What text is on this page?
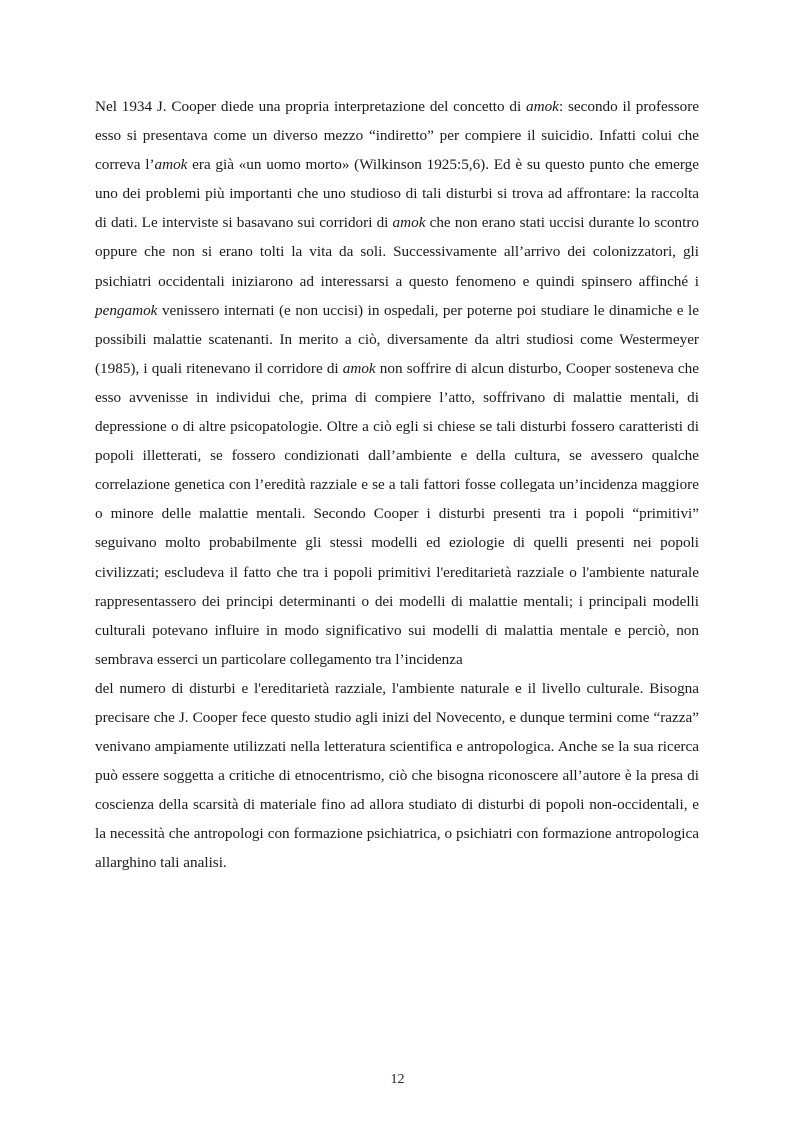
Nel 1934 J. Cooper diede una propria interpretazione del concetto di amok: secondo il professore esso si presentava come un diverso mezzo “indiretto” per compiere il suicidio. Infatti colui che correva l’amok era già «un uomo morto» (Wilkinson 1925:5,6). Ed è su questo punto che emerge uno dei problemi più importanti che uno studioso di tali disturbi si trova ad affrontare: la raccolta di dati. Le interviste si basavano sui corridori di amok che non erano stati uccisi durante lo scontro oppure che non si erano tolti la vita da soli. Successivamente all’arrivo dei colonizzatori, gli psichiatri occidentali iniziarono ad interessarsi a questo fenomeno e quindi spinsero affinché i pengamok venissero internati (e non uccisi) in ospedali, per poterne poi studiare le dinamiche e le possibili malattie scatenanti. In merito a ciò, diversamente da altri studiosi come Westermeyer (1985), i quali ritenevano il corridore di amok non soffrire di alcun disturbo, Cooper sosteneva che esso avvenisse in individui che, prima di compiere l’atto, soffrivano di malattie mentali, di depressione o di altre psicopatologie. Oltre a ciò egli si chiese se tali disturbi fossero caratteristi di popoli illetterati, se fossero condizionati dall’ambiente e della cultura, se avessero qualche correlazione genetica con l’eredità razziale e se a tali fattori fosse collegata un’incidenza maggiore o minore delle malattie mentali. Secondo Cooper i disturbi presenti tra i popoli “primitivi” seguivano molto probabilmente gli stessi modelli ed eziologie di quelli presenti nei popoli civilizzati; escludeva il fatto che tra i popoli primitivi l'ereditarietà razziale o l'ambiente naturale rappresentassero dei principi determinanti o dei modelli di malattie mentali; i principali modelli culturali potevano influire in modo significativo sui modelli di malattia mentale e perciò, non sembrava esserci un particolare collegamento tra l’incidenza

del numero di disturbi e l'ereditarietà razziale, l'ambiente naturale e il livello culturale. Bisogna precisare che J. Cooper fece questo studio agli inizi del Novecento, e dunque termini come “razza” venivano ampiamente utilizzati nella letteratura scientifica e antropologica. Anche se la sua ricerca può essere soggetta a critiche di etnocentrismo, ciò che bisogna riconoscere all’autore è la presa di coscienza della scarsità di materiale fino ad allora studiato di disturbi di popoli non-occidentali, e la necessità che antropologi con formazione psichiatrica, o psichiatri con formazione antropologica allarghino tali analisi.

12
